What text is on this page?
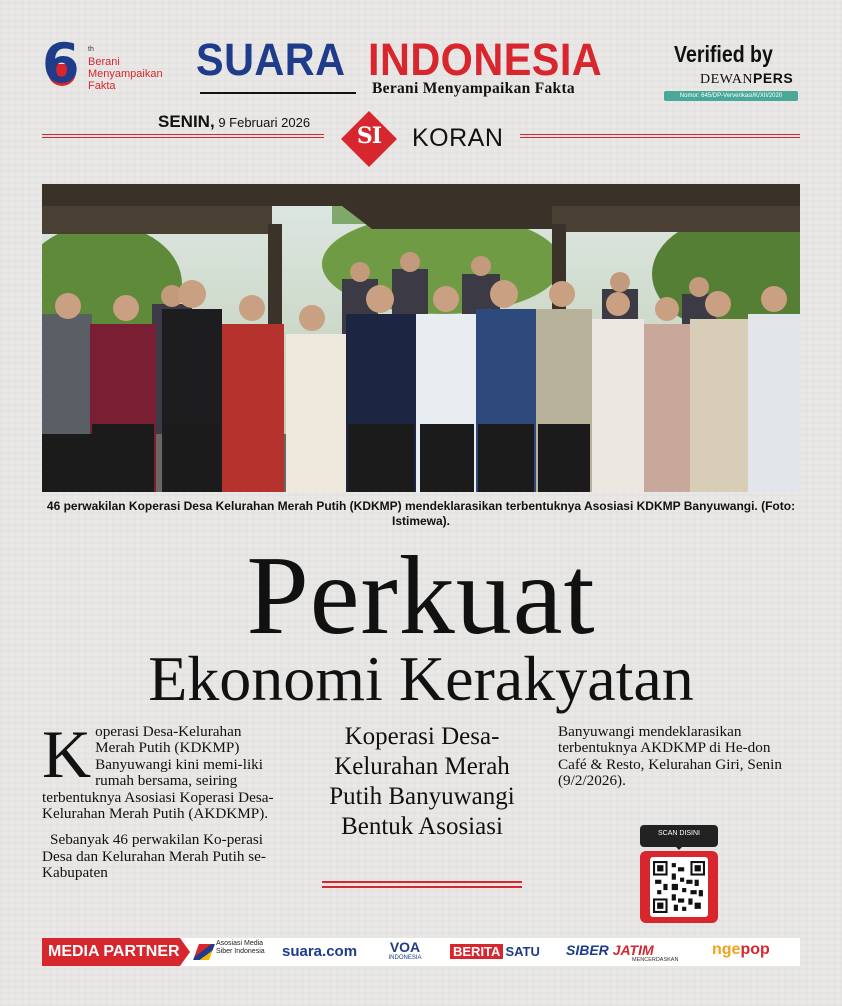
6 th
Berani Menyampaikan Fakta
SUARA INDONESIA
Berani Menyampaikan Fakta
Verified by
DEWANPERS
Nomor: 645/DP-Ververikasi/K/XII/2020
SENIN, 9 Februari 2026
SI	KORAN
46 perwakilan Koperasi Desa Kelurahan Merah Putih (KDKMP) mendeklarasikan terbentuknya Asosiasi KDKMP Banyuwangi. (Foto: Istimewa).
Perkuat
Ekonomi Kerakyatan

Koperasi Desa-Kelurahan Merah Putih (KDKMP) Banyuwangi kini memi-liki rumah bersama, seiring terbentuknya Asosiasi Koperasi Desa-Kelurahan Merah Putih (AKDKMP).

Sebanyak 46 perwakilan Ko-perasi Desa dan Kelurahan Merah Putih se-Kabupaten

Koperasi Desa-Kelurahan Merah Putih Banyuwangi Bentuk Asosiasi

Banyuwangi mendeklarasikan terbentuknya AKDKMP di He-don Café & Resto, Kelurahan Giri, Senin (9/2/2026).

SCAN DISINI
MEDIA PARTNER	Asosiasi Media Siber Indonesia	suara.com	VOA
INDONESIA	BERITA SATU SIBER JATIM
MENCERDASKAN
ngepop
